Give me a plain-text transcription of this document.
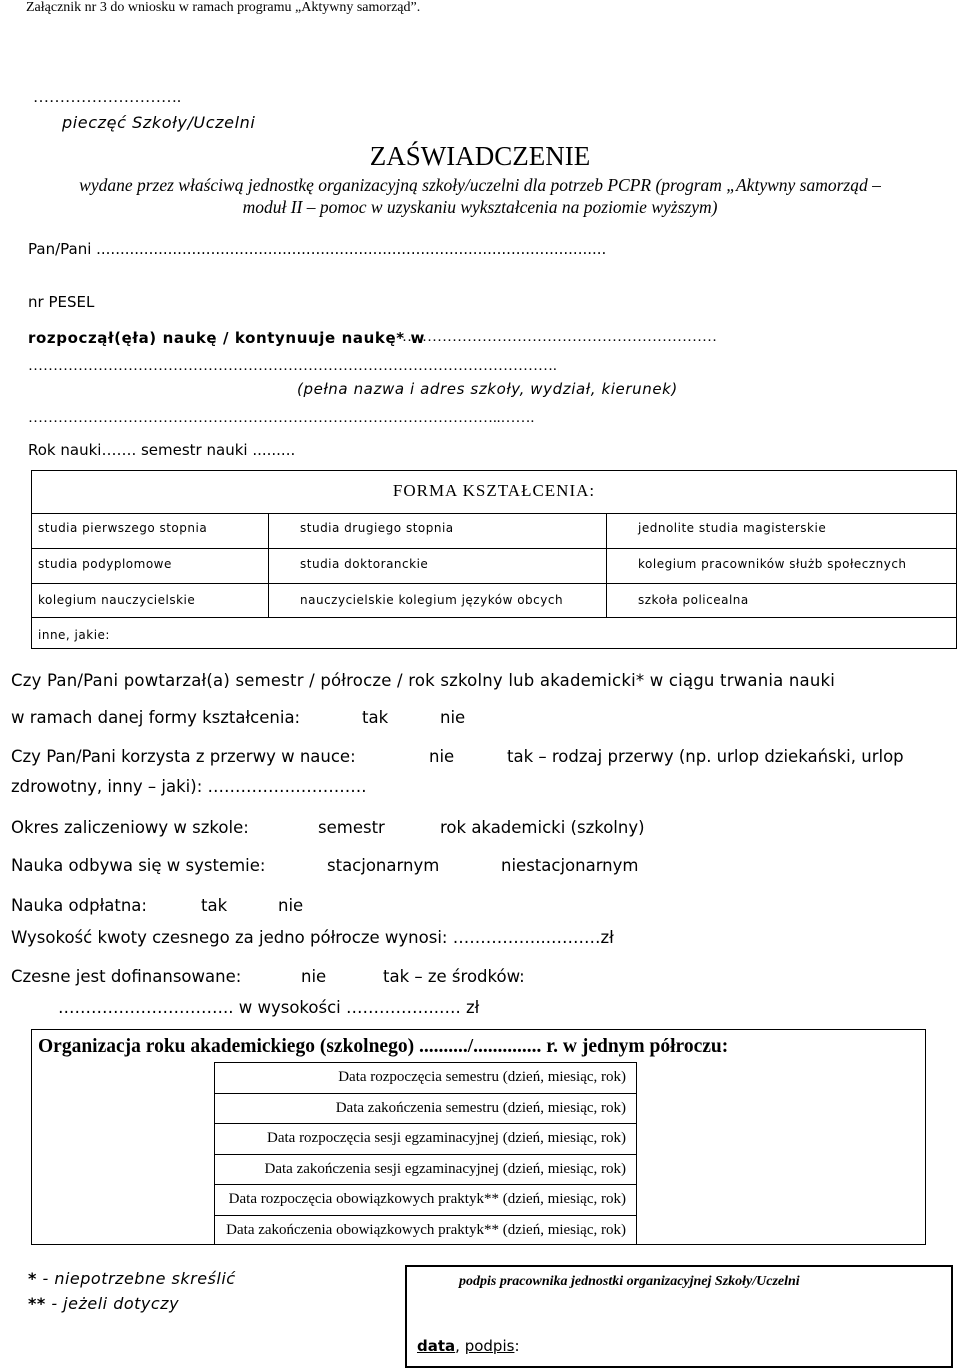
Załącznik nr 3 do wniosku w ramach programu „Aktywny samorząd”.
……………………….
pieczęć Szkoły/Uczelni
ZAŚWIADCZENIE
wydane przez właściwą jednostkę organizacyjną szkoły/uczelni dla potrzeb PCPR (program „Aktywny samorząd –
moduł II – pomoc w uzyskaniu wykształcenia na poziomie wyższym)
Pan/Pani ...........................................................................................................
nr PESEL
rozpoczął(ęła) naukę / kontynuuje naukę* w
………………………………………………………
…………………………………………………………………………………………….
(pełna nazwa i adres szkoły, wydział, kierunek)
…………………………………………………………………………………..…….
Rok nauki……. semestr nauki .........
FORMA KSZTAŁCENIA:
studia pierwszego stopnia	studia drugiego stopnia	jednolite studia magisterskie
studia podyplomowe	studia doktoranckie	kolegium pracowników służb społecznych
kolegium nauczycielskie	nauczycielskie kolegium języków obcych	szkoła policealna
inne, jakie:
Czy Pan/Pani powtarzał(a) semestr / półrocze / rok szkolny lub akademicki* w ciągu trwania nauki
w ramach danej formy kształcenia:	tak	nie
Czy Pan/Pani korzysta z przerwy w nauce:	nie	tak – rodzaj przerwy (np. urlop dziekański, urlop
zdrowotny, inny – jaki): …………….………….
Okres zaliczeniowy w szkole:	semestr	rok akademicki (szkolny)
Nauka odbywa się w systemie:	stacjonarnym	niestacjonarnym
Nauka odpłatna:	tak	nie
Wysokość kwoty czesnego za jedno półrocze wynosi: ……………...………zł
Czesne jest dofinansowane:	nie	tak – ze środków:
………………………….. w wysokości ……………..…. zł
Organizacja roku akademickiego (szkolnego) ........../.............. r. w jednym półroczu:
Data rozpoczęcia semestru (dzień, miesiąc, rok)
Data zakończenia semestru (dzień, miesiąc, rok)
Data rozpoczęcia sesji egzaminacyjnej (dzień, miesiąc, rok)
Data zakończenia sesji egzaminacyjnej (dzień, miesiąc, rok)
Data rozpoczęcia obowiązkowych praktyk** (dzień, miesiąc, rok)
Data zakończenia obowiązkowych praktyk** (dzień, miesiąc, rok)
* - niepotrzebne skreślić
** - jeżeli dotyczy
podpis pracownika jednostki organizacyjnej Szkoły/Uczelni
data, podpis:
